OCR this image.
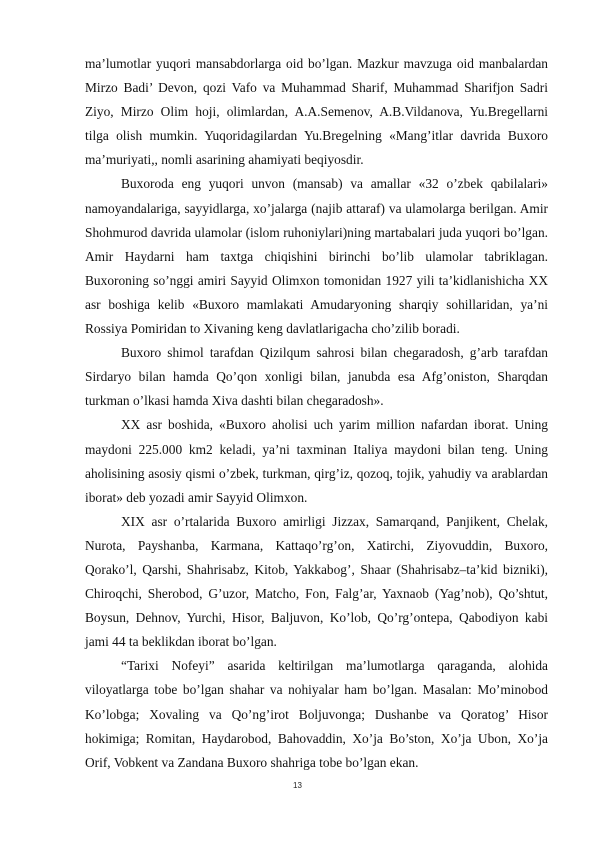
ma’lumotlar yuqori mansabdorlarga oid bo’lgan. Mazkur mavzuga oid manbalardan Mirzo Badi’ Devon, qozi Vafo va Muhammad Sharif, Muhammad Sharifjon Sadri Ziyo, Mirzo Olim hoji, olimlardan, A.A.Semenov, A.B.Vildanova, Yu.Bregellarni tilga olish mumkin. Yuqoridagilardan Yu.Bregelning «Mang’itlar davrida Buxoro ma’muriyati,, nomli asarining ahamiyati beqiyosdir.

Buxoroda eng yuqori unvon (mansab) va amallar «32 o’zbek qabilalari» namoyandalariga, sayyidlarga, xo’jalarga (najib attaraf) va ulamolarga berilgan. Amir Shohmurod davrida ulamolar (islom ruhoniylari)ning martabalari juda yuqori bo’lgan. Amir Haydarni ham taxtga chiqishini birinchi bo’lib ulamolar tabriklagan. Buxoroning so’nggi amiri Sayyid Olimxon tomonidan 1927 yili ta’kidlanishicha XX asr boshiga kelib «Buxoro mamlakati Amudaryoning sharqiy sohillaridan, ya’ni Rossiya Pomiridan to Xivaning keng davlatlarigacha cho’zilib boradi.

Buxoro shimol tarafdan Qizilqum sahrosi bilan chegaradosh, g’arb tarafdan Sirdaryo bilan hamda Qo’qon xonligi bilan, janubda esa Afg’oniston, Sharqdan turkman o’lkasi hamda Xiva dashti bilan chegaradosh».

XX asr boshida, «Buxoro aholisi uch yarim million nafardan iborat. Uning maydoni 225.000 km2 keladi, ya’ni taxminan Italiya maydoni bilan teng. Uning aholisining asosiy qismi o’zbek, turkman, qirg’iz, qozoq, tojik, yahudiy va arablardan iborat» deb yozadi amir Sayyid Olimxon.

XIX asr o’rtalarida Buxoro amirligi Jizzax, Samarqand, Panjikent, Chelak, Nurota, Payshanba, Karmana, Kattaqo’rg’on, Xatirchi, Ziyovuddin, Buxoro, Qorako’l, Qarshi, Shahrisabz, Kitob, Yakkabog’, Shaar (Shahrisabz–ta’kid bizniki), Chiroqchi, Sherobod, G’uzor, Matcho, Fon, Falg’ar, Yaxnaob (Yag’nob), Qo’shtut, Boysun, Dehnov, Yurchi, Hisor, Baljuvon, Ko’lob, Qo’rg’ontepa, Qabodiyon kabi jami 44 ta beklikdan iborat bo’lgan.

“Tarixi Nofeyi” asarida keltirilgan ma’lumotlarga qaraganda, alohida viloyatlarga tobe bo’lgan shahar va nohiyalar ham bo’lgan. Masalan: Mo’minobod Ko’lobga; Xovaling va Qo’ng’irot Boljuvonga; Dushanbe va Qoratog’ Hisor hokimiga; Romitan, Haydarobod, Bahovaddin, Xo’ja Bo’ston, Xo’ja Ubon, Xo’ja Orif, Vobkent va Zandana Buxoro shahriga tobe bo’lgan ekan.

13
